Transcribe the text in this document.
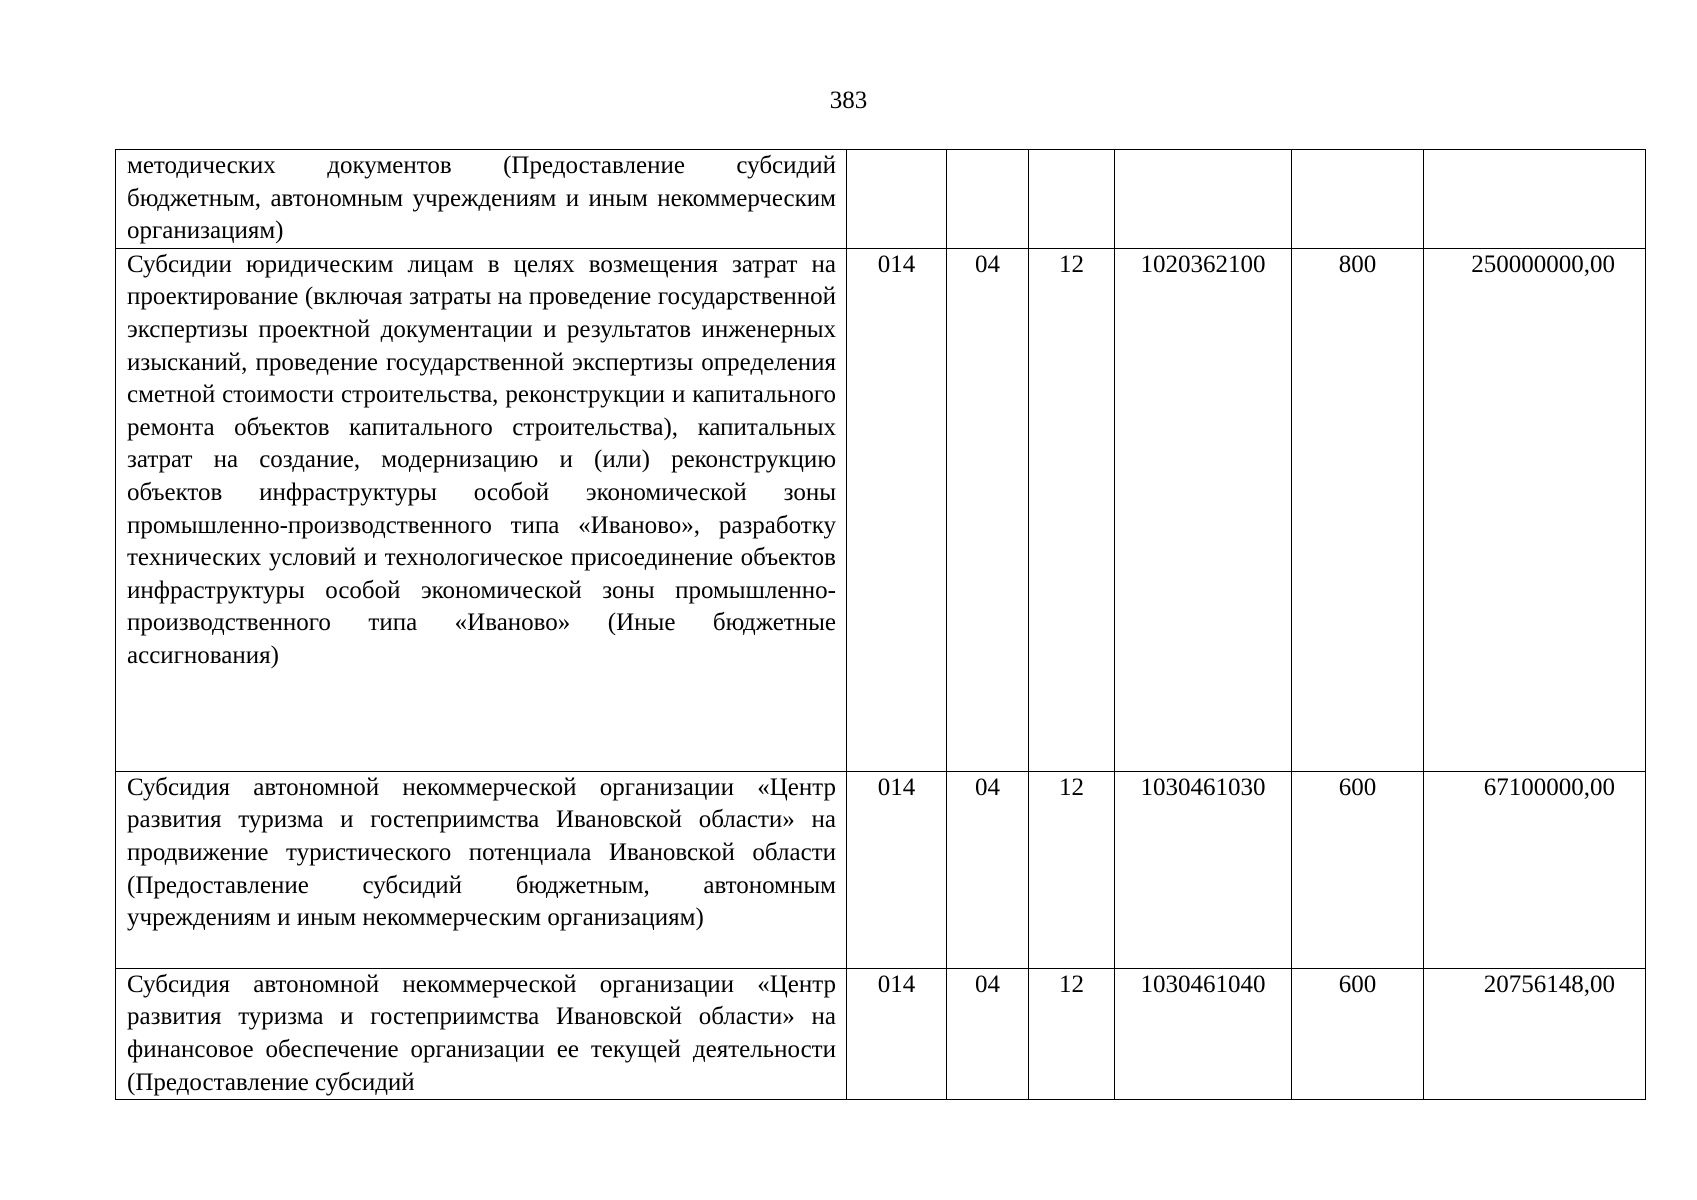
383
методических документов (Предоставление субсидий бюджетным, автономным учреждениям и иным некоммерческим организациям)						
Субсидии юридическим лицам в целях возмещения затрат на проектирование (включая затраты на проведение государственной экспертизы проектной документации и результатов инженерных изысканий, проведение государственной экспертизы определения сметной стоимости строительства, реконструкции и капитального ремонта объектов капитального строительства), капитальных затрат на создание, модернизацию и (или) реконструкцию объектов инфраструктуры особой экономической зоны промышленно-производственного типа «Иваново», разработку технических условий и технологическое присоединение объектов инфраструктуры особой экономической зоны промышленно-производственного типа «Иваново» (Иные бюджетные ассигнования)	014	04	12	1020362100	800	250000000,00
Субсидия автономной некоммерческой организации «Центр развития туризма и гостеприимства Ивановской области» на продвижение туристического потенциала Ивановской области (Предоставление субсидий бюджетным, автономным учреждениям и иным некоммерческим организациям)	014	04	12	1030461030	600	67100000,00
Субсидия автономной некоммерческой организации «Центр развития туризма и гостеприимства Ивановской области» на финансовое обеспечение организации ее текущей деятельности (Предоставление субсидий	014	04	12	1030461040	600	20756148,00
